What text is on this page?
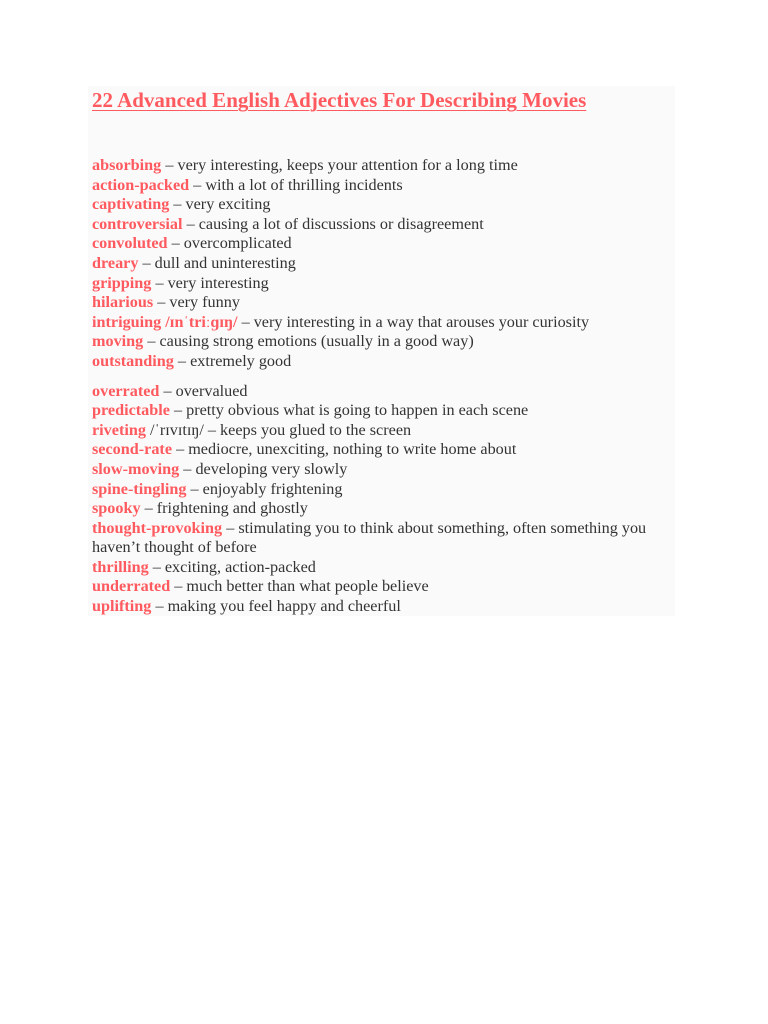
22 Advanced English Adjectives For Describing Movies
absorbing – very interesting, keeps your attention for a long time
action-packed – with a lot of thrilling incidents
captivating – very exciting
controversial – causing a lot of discussions or disagreement
convoluted – overcomplicated
dreary – dull and uninteresting
gripping – very interesting
hilarious – very funny
intriguing /ɪnˈtriːɡɪŋ/ – very interesting in a way that arouses your curiosity
moving – causing strong emotions (usually in a good way)
outstanding – extremely good
overrated – overvalued
predictable – pretty obvious what is going to happen in each scene
riveting /ˈrɪvɪtɪŋ/ – keeps you glued to the screen
second-rate – mediocre, unexciting, nothing to write home about
slow-moving – developing very slowly
spine-tingling – enjoyably frightening
spooky – frightening and ghostly
thought-provoking – stimulating you to think about something, often something you haven’t thought of before
thrilling – exciting, action-packed
underrated – much better than what people believe
uplifting – making you feel happy and cheerful
